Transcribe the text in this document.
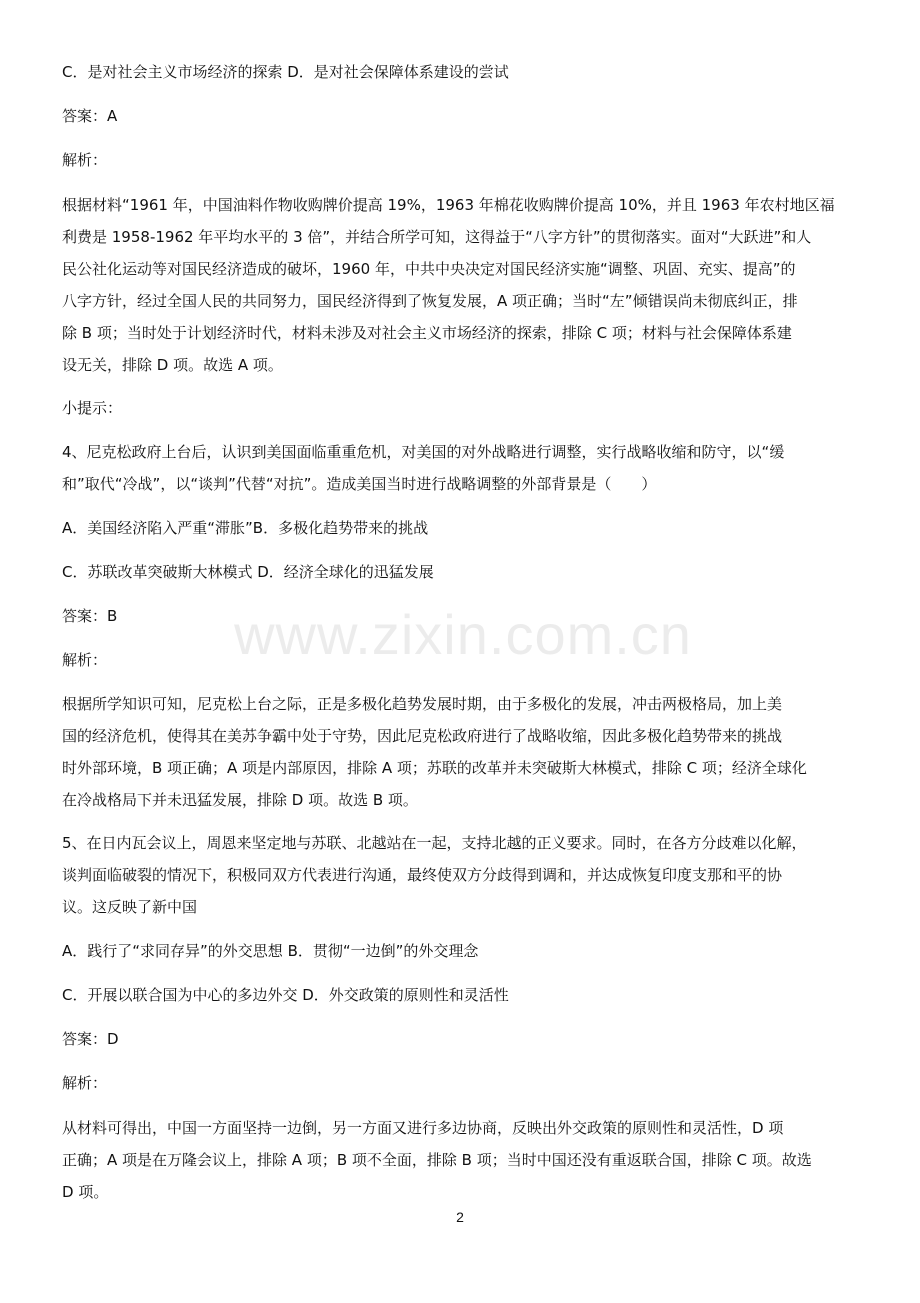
www.zixin.com.cn
C．是对社会主义市场经济的探索 D．是对社会保障体系建设的尝试
答案：A
解析：
根据材料“1961 年，中国油料作物收购牌价提高 19%，1963 年棉花收购牌价提高 10%，并且 1963 年农村地区福
利费是 1958-1962 年平均水平的 3 倍”，并结合所学可知，这得益于“八字方针”的贯彻落实。面对“大跃进”和人
民公社化运动等对国民经济造成的破坏，1960 年，中共中央决定对国民经济实施“调整、巩固、充实、提高”的
八字方针，经过全国人民的共同努力，国民经济得到了恢复发展，A 项正确；当时“左”倾错误尚未彻底纠正，排
除 B 项；当时处于计划经济时代，材料未涉及对社会主义市场经济的探索，排除 C 项；材料与社会保障体系建
设无关，排除 D 项。故选 A 项。
小提示：
4、尼克松政府上台后，认识到美国面临重重危机，对美国的对外战略进行调整，实行战略收缩和防守，以“缓
和”取代“冷战”，以“谈判”代替“对抗”。造成美国当时进行战略调整的外部背景是（　　）
A．美国经济陷入严重“滞胀”B．多极化趋势带来的挑战
C．苏联改革突破斯大林模式 D．经济全球化的迅猛发展
答案：B
解析：
根据所学知识可知，尼克松上台之际，正是多极化趋势发展时期，由于多极化的发展，冲击两极格局，加上美
国的经济危机，使得其在美苏争霸中处于守势，因此尼克松政府进行了战略收缩，因此多极化趋势带来的挑战
时外部环境，B 项正确；A 项是内部原因，排除 A 项；苏联的改革并未突破斯大林模式，排除 C 项；经济全球化
在冷战格局下并未迅猛发展，排除 D 项。故选 B 项。
5、在日内瓦会议上，周恩来坚定地与苏联、北越站在一起，支持北越的正义要求。同时，在各方分歧难以化解，
谈判面临破裂的情况下，积极同双方代表进行沟通，最终使双方分歧得到调和，并达成恢复印度支那和平的协
议。这反映了新中国
A．践行了“求同存异”的外交思想 B．贯彻“一边倒”的外交理念
C．开展以联合国为中心的多边外交 D．外交政策的原则性和灵活性
答案：D
解析：
从材料可得出，中国一方面坚持一边倒，另一方面又进行多边协商，反映出外交政策的原则性和灵活性，D 项
正确；A 项是在万隆会议上，排除 A 项；B 项不全面，排除 B 项；当时中国还没有重返联合国，排除 C 项。故选
D 项。
2
